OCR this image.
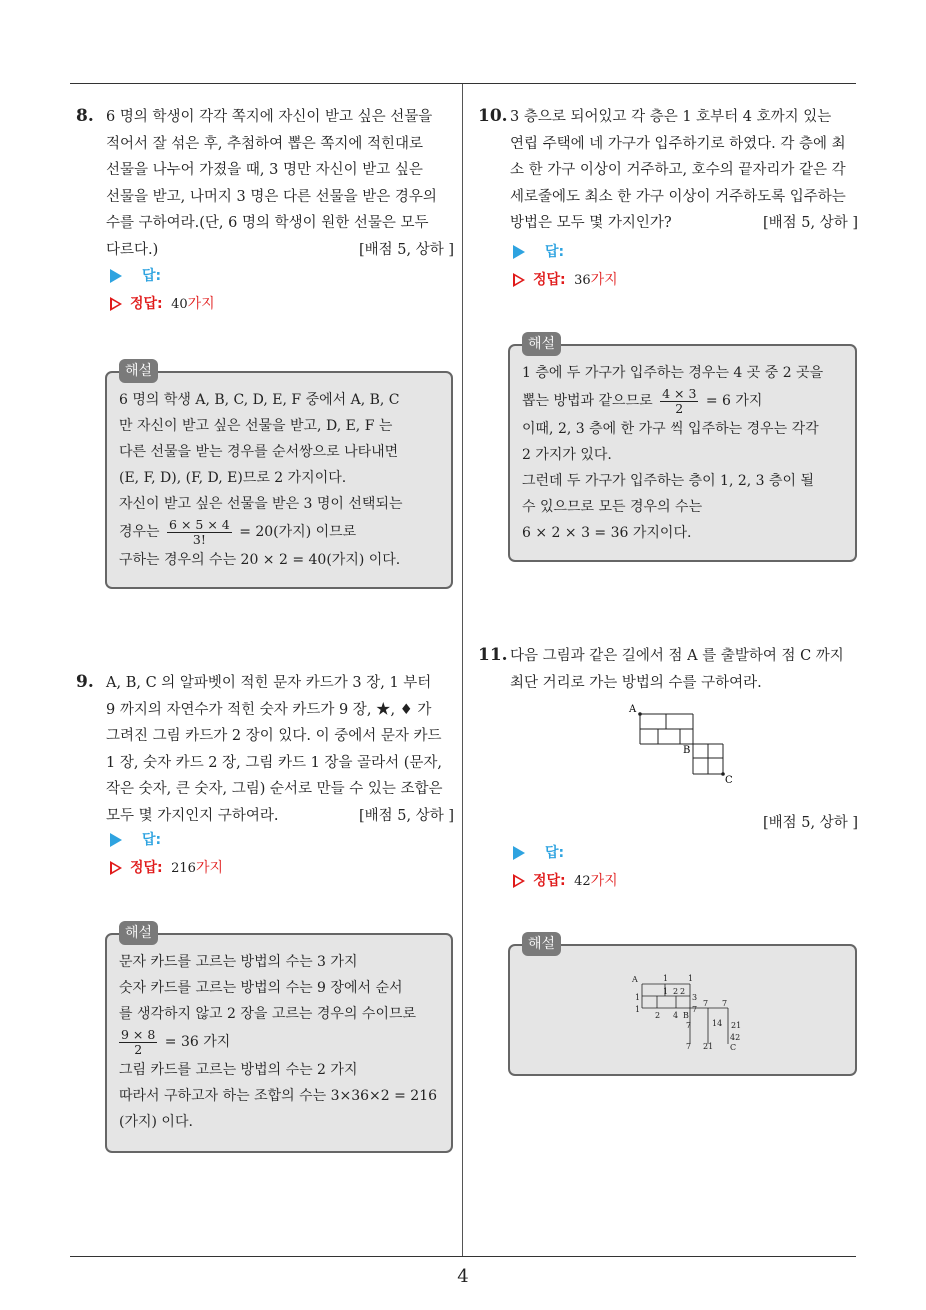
4
8. 6 명의 학생이 각각 쪽지에 자신이 받고 싶은 선물을
적어서 잘 섞은 후, 추첨하여 뽑은 쪽지에 적힌대로
선물을 나누어 가졌을 때, 3 명만 자신이 받고 싶은
선물을 받고, 나머지 3 명은 다른 선물을 받은 경우의
수를 구하여라.(단, 6 명의 학생이 원한 선물은 모두
다르다.)	[배점 5, 상하 ]
답:
정답: 40가지
해설
6 명의 학생 A, B, C, D, E, F 중에서 A, B, C
만 자신이 받고 싶은 선물을 받고, D, E, F 는
다른 선물을 받는 경우를 순서쌍으로 나타내면
(E, F, D), (F, D, E)므로 2 가지이다.
자신이 받고 싶은 선물을 받은 3 명이 선택되는
경우는 $\frac{6 \times 5 \times 4}{3!} = 20$(가지) 이므로
구하는 경우의 수는 20 × 2 = 40(가지) 이다.
9. A, B, C 의 알파벳이 적힌 문자 카드가 3 장, 1 부터
9 까지의 자연수가 적힌 숫자 카드가 9 장, ★, ♦ 가
그려진 그림 카드가 2 장이 있다. 이 중에서 문자 카드
1 장, 숫자 카드 2 장, 그림 카드 1 장을 골라서 (문자,
작은 숫자, 큰 숫자, 그림) 순서로 만들 수 있는 조합은
모두 몇 가지인지 구하여라.	[배점 5, 상하 ]
답:
정답: 216가지
해설
문자 카드를 고르는 방법의 수는 3 가지
숫자 카드를 고르는 방법의 수는 9 장에서 순서
를 생각하지 않고 2 장을 고르는 경우의 수이므로
$\frac{9 \times 8}{2} = 36$ 가지
그림 카드를 고르는 방법의 수는 2 가지
따라서 구하고자 하는 조합의 수는 3×36×2 = 216
(가지) 이다.
10. 3 층으로 되어있고 각 층은 1 호부터 4 호까지 있는
연립 주택에 네 가구가 입주하기로 하였다. 각 층에 최
소 한 가구 이상이 거주하고, 호수의 끝자리가 같은 각
세로줄에도 최소 한 가구 이상이 거주하도록 입주하는
방법은 모두 몇 가지인가?	[배점 5, 상하 ]
답:
정답: 36가지
해설
1 층에 두 가구가 입주하는 경우는 4 곳 중 2 곳을
뽑는 방법과 같으므로 $\frac{4 \times 3}{2} = 6$ 가지
이때, 2, 3 층에 한 가구 씩 입주하는 경우는 각각
2 가지가 있다.
그런데 두 가구가 입주하는 층이 1, 2, 3 층이 될
수 있으므로 모든 경우의 수는
6 × 2 × 3 = 36 가지이다.
11. 다음 그림과 같은 길에서 점 A 를 출발하여 점 C 까지
최단 거리로 가는 방법의 수를 구하여라.
A
B
C
[배점 5, 상하 ]
답:
정답: 42가지
해설
A	1 1
1 2 2
3
1
1
2 4 B
7
7 7
7	14 21
7 21
42
C
